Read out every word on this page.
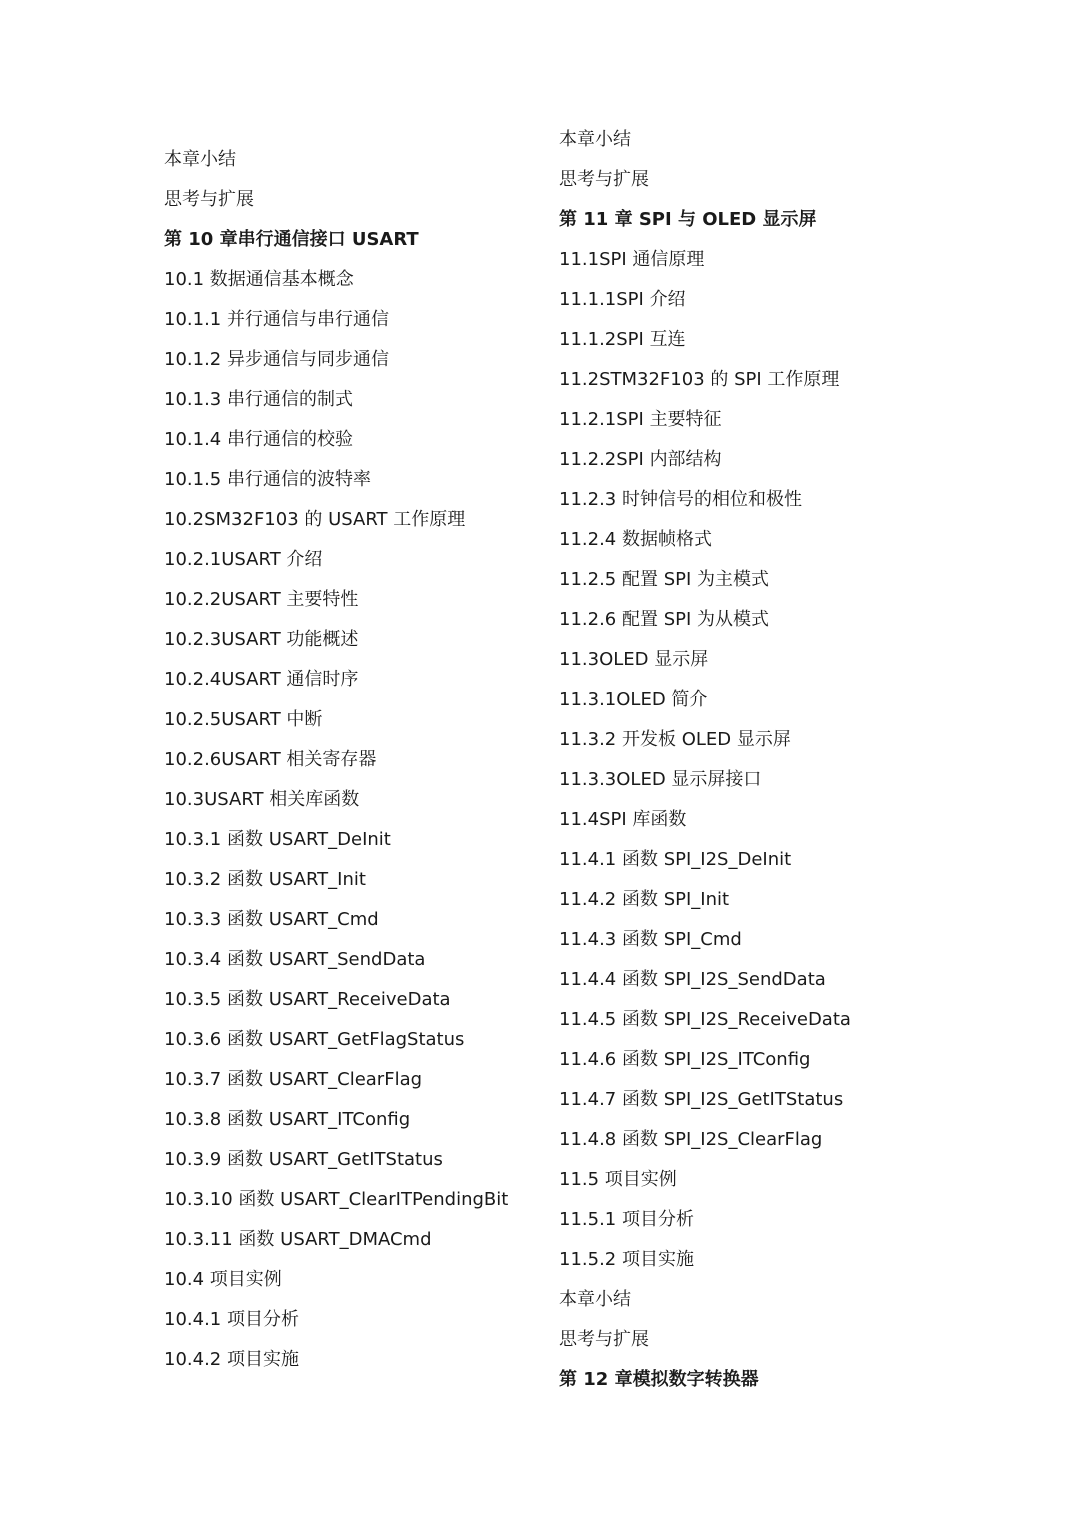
本章小结
思考与扩展
第 10 章串行通信接口 USART
10.1 数据通信基本概念
10.1.1 并行通信与串行通信
10.1.2 异步通信与同步通信
10.1.3 串行通信的制式
10.1.4 串行通信的校验
10.1.5 串行通信的波特率
10.2SM32F103 的 USART 工作原理
10.2.1USART 介绍
10.2.2USART 主要特性
10.2.3USART 功能概述
10.2.4USART 通信时序
10.2.5USART 中断
10.2.6USART 相关寄存器
10.3USART 相关库函数
10.3.1 函数 USART_DeInit
10.3.2 函数 USART_Init
10.3.3 函数 USART_Cmd
10.3.4 函数 USART_SendData
10.3.5 函数 USART_ReceiveData
10.3.6 函数 USART_GetFlagStatus
10.3.7 函数 USART_ClearFlag
10.3.8 函数 USART_ITConfig
10.3.9 函数 USART_GetITStatus
10.3.10 函数 USART_ClearITPendingBit
10.3.11 函数 USART_DMACmd
10.4 项目实例
10.4.1 项目分析
10.4.2 项目实施
本章小结
思考与扩展
第 11 章 SPI 与 OLED 显示屏
11.1SPI 通信原理
11.1.1SPI 介绍
11.1.2SPI 互连
11.2STM32F103 的 SPI 工作原理
11.2.1SPI 主要特征
11.2.2SPI 内部结构
11.2.3 时钟信号的相位和极性
11.2.4 数据帧格式
11.2.5 配置 SPI 为主模式
11.2.6 配置 SPI 为从模式
11.3OLED 显示屏
11.3.1OLED 简介
11.3.2 开发板 OLED 显示屏
11.3.3OLED 显示屏接口
11.4SPI 库函数
11.4.1 函数 SPI_I2S_DeInit
11.4.2 函数 SPI_Init
11.4.3 函数 SPI_Cmd
11.4.4 函数 SPI_I2S_SendData
11.4.5 函数 SPI_I2S_ReceiveData
11.4.6 函数 SPI_I2S_ITConfig
11.4.7 函数 SPI_I2S_GetITStatus
11.4.8 函数 SPI_I2S_ClearFlag
11.5 项目实例
11.5.1 项目分析
11.5.2 项目实施
本章小结
思考与扩展
第 12 章模拟数字转换器
